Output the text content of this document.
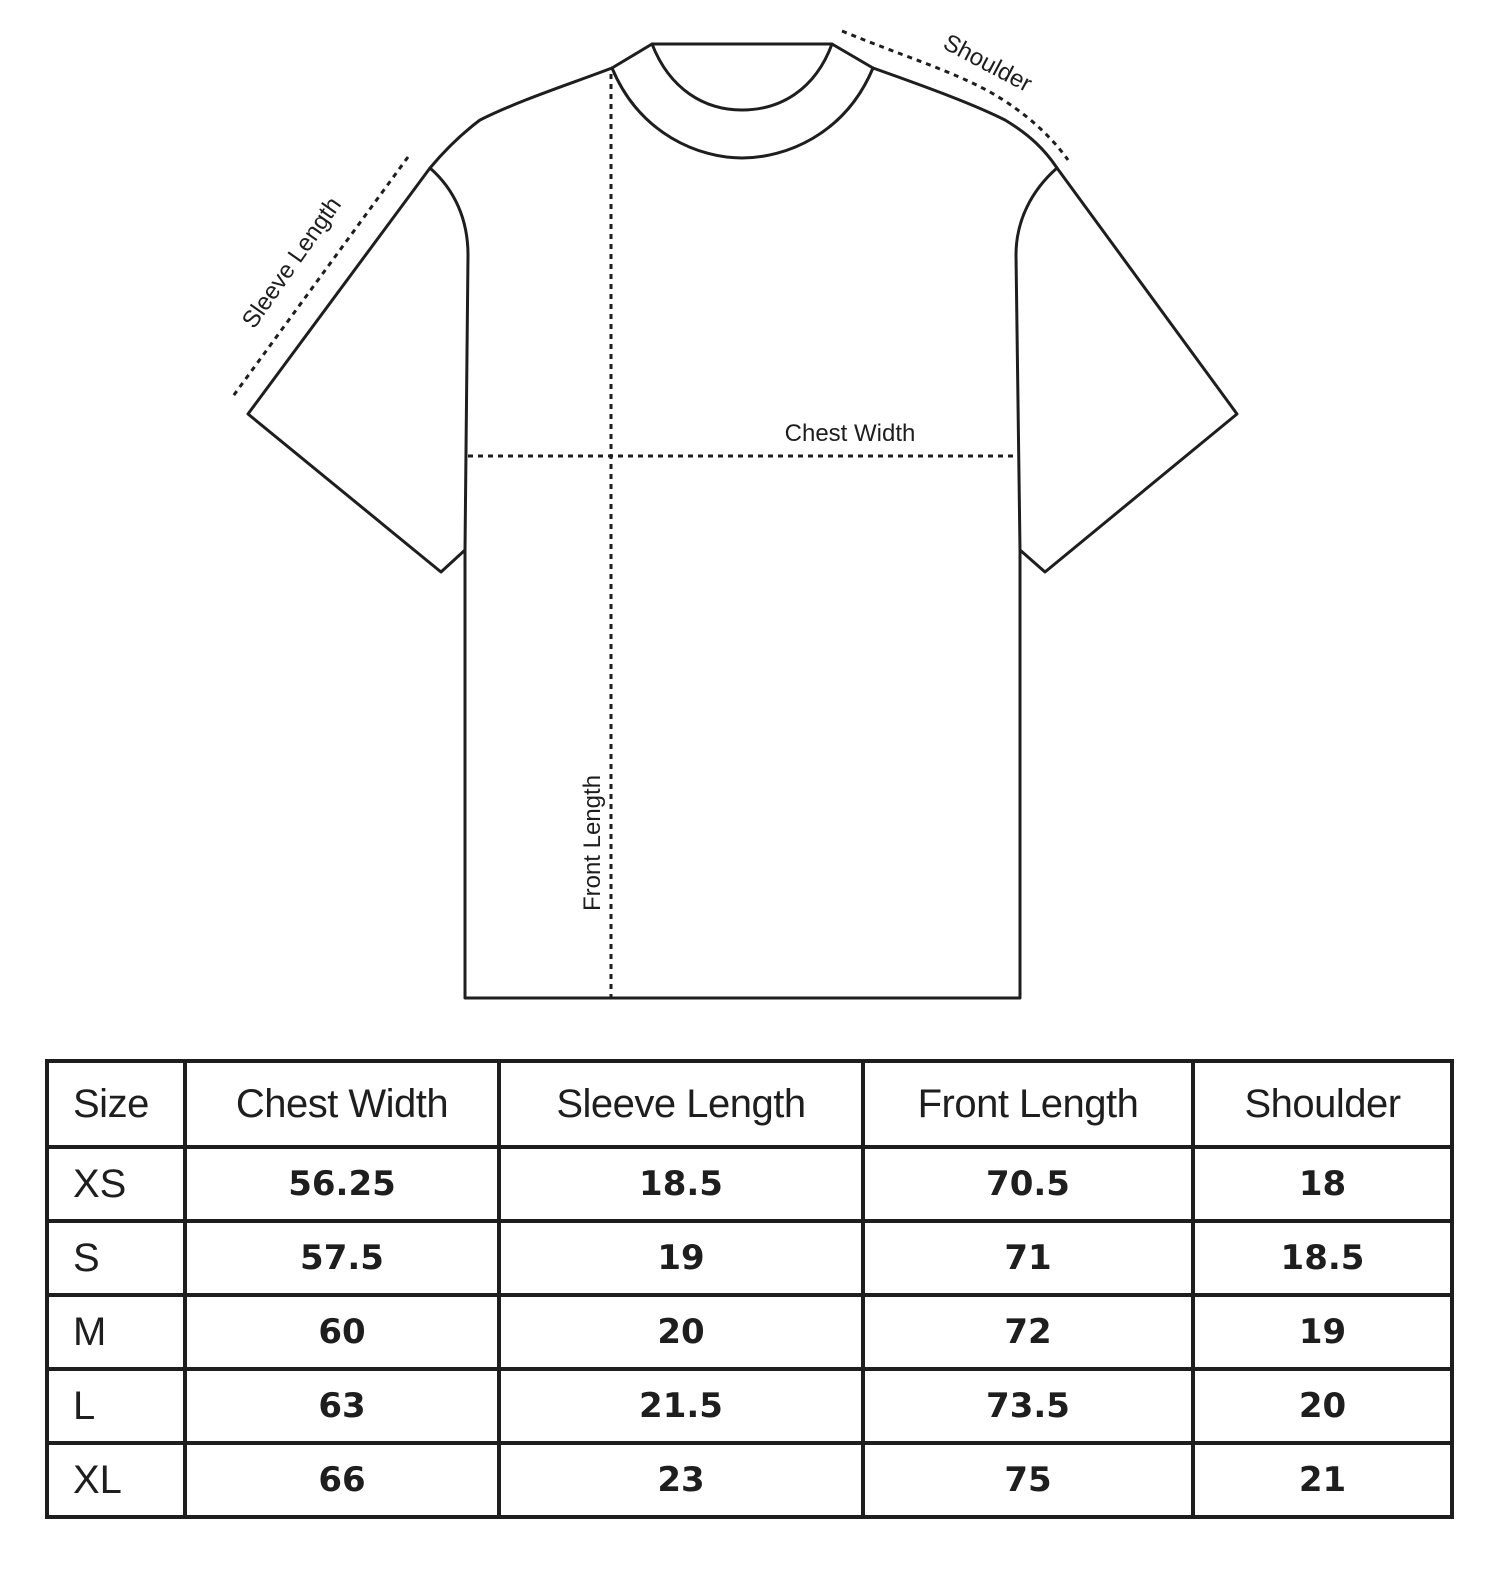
Chest Width
Front Length
Sleeve Length
Shoulder
Size	Chest Width	Sleeve Length	Front Length	Shoulder
XS	56.25	18.5	70.5	18
S	57.5	19	71	18.5
M	60	20	72	19
L	63	21.5	73.5	20
XL	66	23	75	21
